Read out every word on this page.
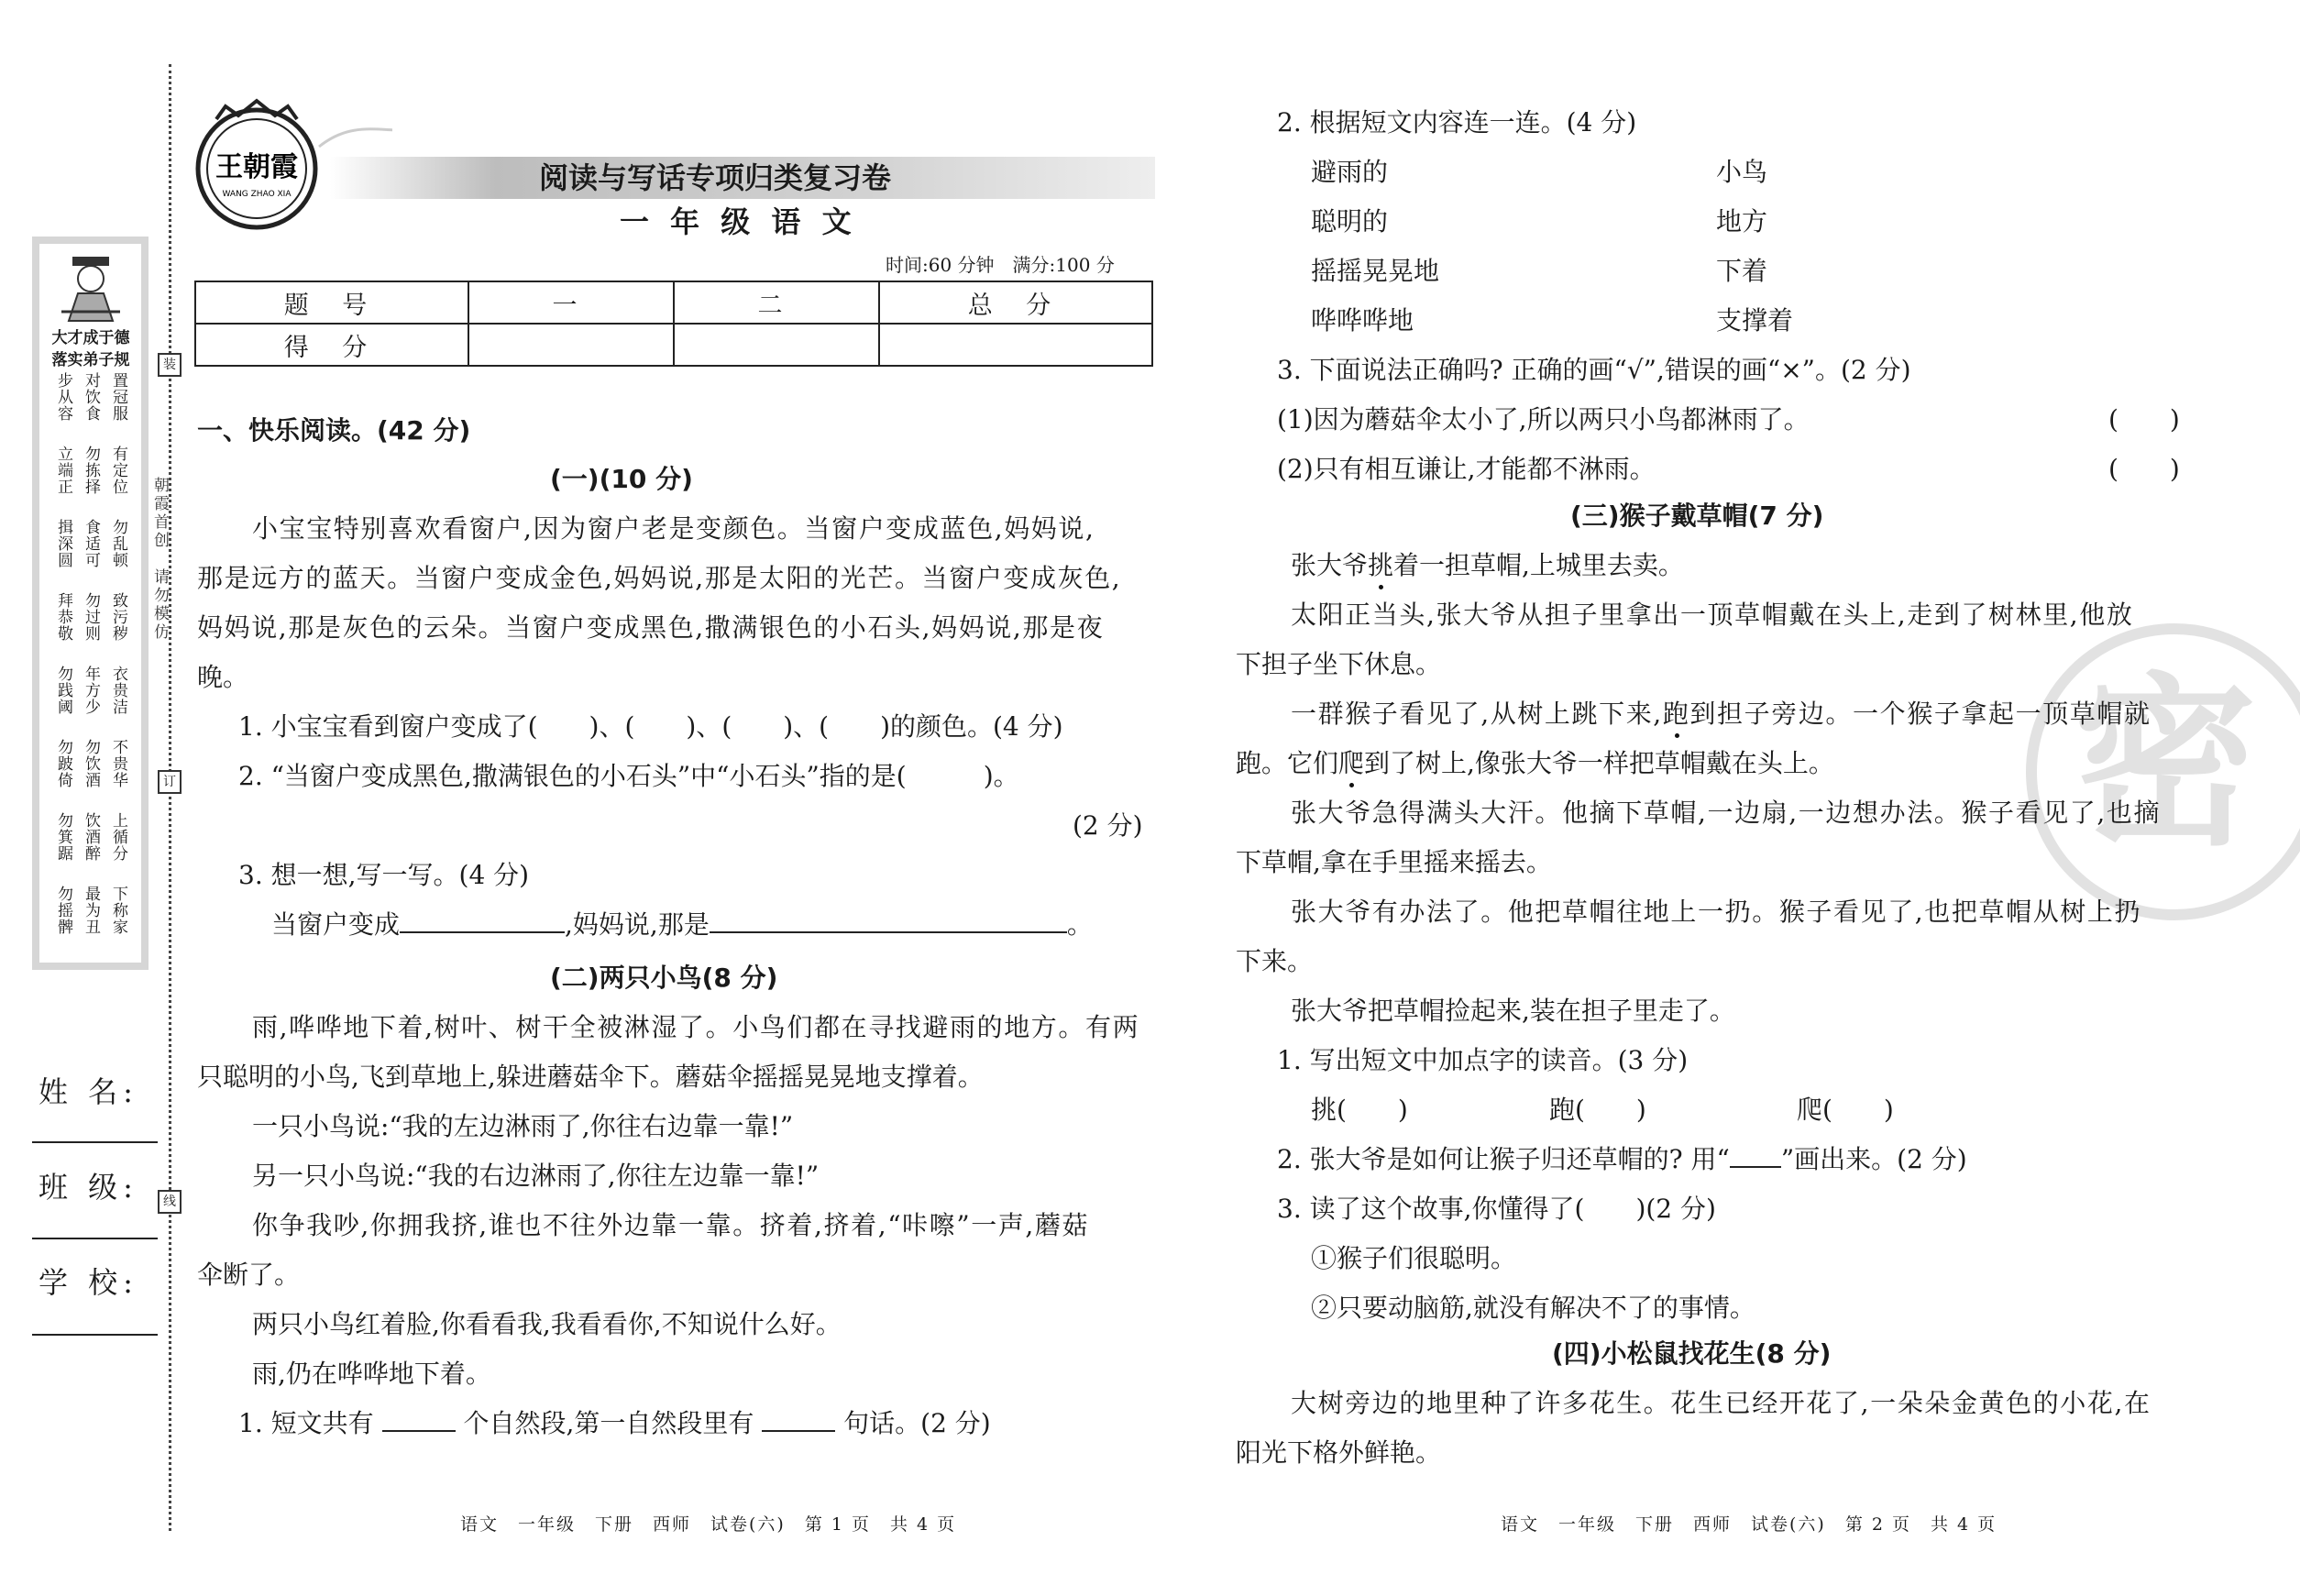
大才成于德
落实弟子规
步从容 对饮食 置冠服
立端正 勿拣择 有定位
揖深圆 食适可 勿乱顿
拜恭敬 勿过则 致污秽
勿践阈 年方少 衣贵洁
勿跛倚 勿饮酒 不贵华
勿箕踞 饮酒醉 上循分
勿摇髀 最为丑 下称家
装
订
线
朝霞首创
请勿模仿
姓 名:
班 级:
学 校:
王朝霞
WANG ZHAO XIA	阅读与写话专项归类复习卷
一 年 级 语 文
时间:60 分钟　满分:100 分
题 号	一	二	总 分
得 分			
一、快乐阅读。(42 分)
(一)(10 分)
小宝宝特别喜欢看窗户,因为窗户老是变颜色。当窗户变成蓝色,妈妈说,
那是远方的蓝天。当窗户变成金色,妈妈说,那是太阳的光芒。当窗户变成灰色,
妈妈说,那是灰色的云朵。当窗户变成黑色,撒满银色的小石头,妈妈说,那是夜
晚。
1. 小宝宝看到窗户变成了(　　)、(　　)、(　　)、(　　)的颜色。(4 分)
2. “当窗户变成黑色,撒满银色的小石头”中“小石头”指的是(　　　)。
(2 分)
3. 想一想,写一写。(4 分)
当窗户变成	,妈妈说,那是	。
(二)两只小鸟(8 分)
雨,哗哗地下着,树叶、树干全被淋湿了。小鸟们都在寻找避雨的地方。有两
只聪明的小鸟,飞到草地上,躲进蘑菇伞下。蘑菇伞摇摇晃晃地支撑着。
一只小鸟说:“我的左边淋雨了,你往右边靠一靠!”
另一只小鸟说:“我的右边淋雨了,你往左边靠一靠!”
你争我吵,你拥我挤,谁也不往外边靠一靠。挤着,挤着,“咔嚓”一声,蘑菇
伞断了。
两只小鸟红着脸,你看看我,我看看你,不知说什么好。
雨,仍在哗哗地下着。
1. 短文共有	个自然段,第一自然段里有	句话。(2 分)
密
2. 根据短文内容连一连。(4 分)
避雨的	小鸟
聪明的	地方
摇摇晃晃地	下着
哗哗哗地	支撑着
3. 下面说法正确吗? 正确的画“√”,错误的画“×”。(2 分)
(1)因为蘑菇伞太小了,所以两只小鸟都淋雨了。	(　　)
(2)只有相互谦让,才能都不淋雨。	(　　)
(三)猴子戴草帽(7 分)
张大爷挑着一担草帽,上城里去卖。
太阳正当头,张大爷从担子里拿出一顶草帽戴在头上,走到了树林里,他放
下担子坐下休息。
一群猴子看见了,从树上跳下来,跑到担子旁边。一个猴子拿起一顶草帽就
跑。它们爬到了树上,像张大爷一样把草帽戴在头上。
张大爷急得满头大汗。他摘下草帽,一边扇,一边想办法。猴子看见了,也摘
下草帽,拿在手里摇来摇去。
张大爷有办法了。他把草帽往地上一扔。猴子看见了,也把草帽从树上扔
下来。
张大爷把草帽捡起来,装在担子里走了。
1. 写出短文中加点字的读音。(3 分)
挑(　　)	跑(　　)	爬(　　)
2. 张大爷是如何让猴子归还草帽的? 用“ ”画出来。(2 分)
3. 读了这个故事,你懂得了(　　)(2 分)
①猴子们很聪明。
②只要动脑筋,就没有解决不了的事情。
(四)小松鼠找花生(8 分)
大树旁边的地里种了许多花生。花生已经开花了,一朵朵金黄色的小花,在
阳光下格外鲜艳。
语文　一年级　下册　西师　试卷(六)　第 1 页　共 4 页	语文　一年级　下册　西师　试卷(六)　第 2 页　共 4 页
